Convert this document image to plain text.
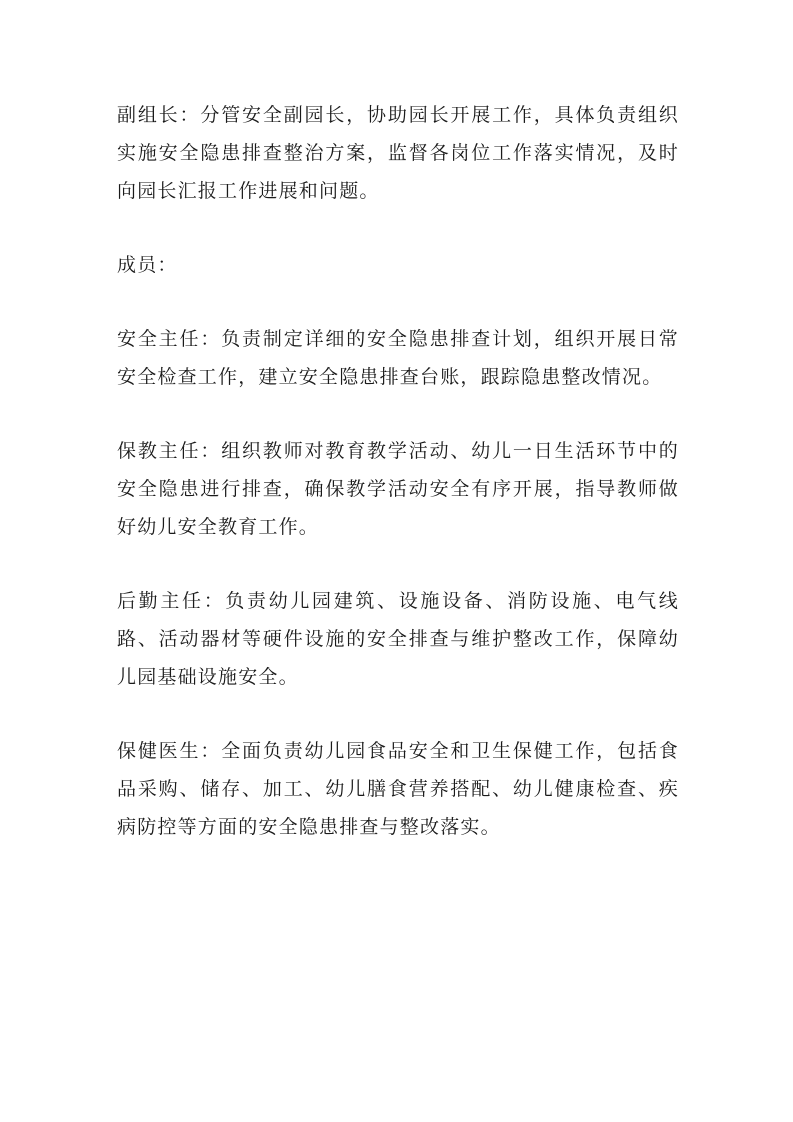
副组长：分管安全副园长，协助园长开展工作，具体负责组织实施安全隐患排查整治方案，监督各岗位工作落实情况，及时向园长汇报工作进展和问题。

成员：

安全主任：负责制定详细的安全隐患排查计划，组织开展日常安全检查工作，建立安全隐患排查台账，跟踪隐患整改情况。

保教主任：组织教师对教育教学活动、幼儿一日生活环节中的安全隐患进行排查，确保教学活动安全有序开展，指导教师做好幼儿安全教育工作。

后勤主任：负责幼儿园建筑、设施设备、消防设施、电气线路、活动器材等硬件设施的安全排查与维护整改工作，保障幼儿园基础设施安全。

保健医生：全面负责幼儿园食品安全和卫生保健工作，包括食品采购、储存、加工、幼儿膳食营养搭配、幼儿健康检查、疾病防控等方面的安全隐患排查与整改落实。
